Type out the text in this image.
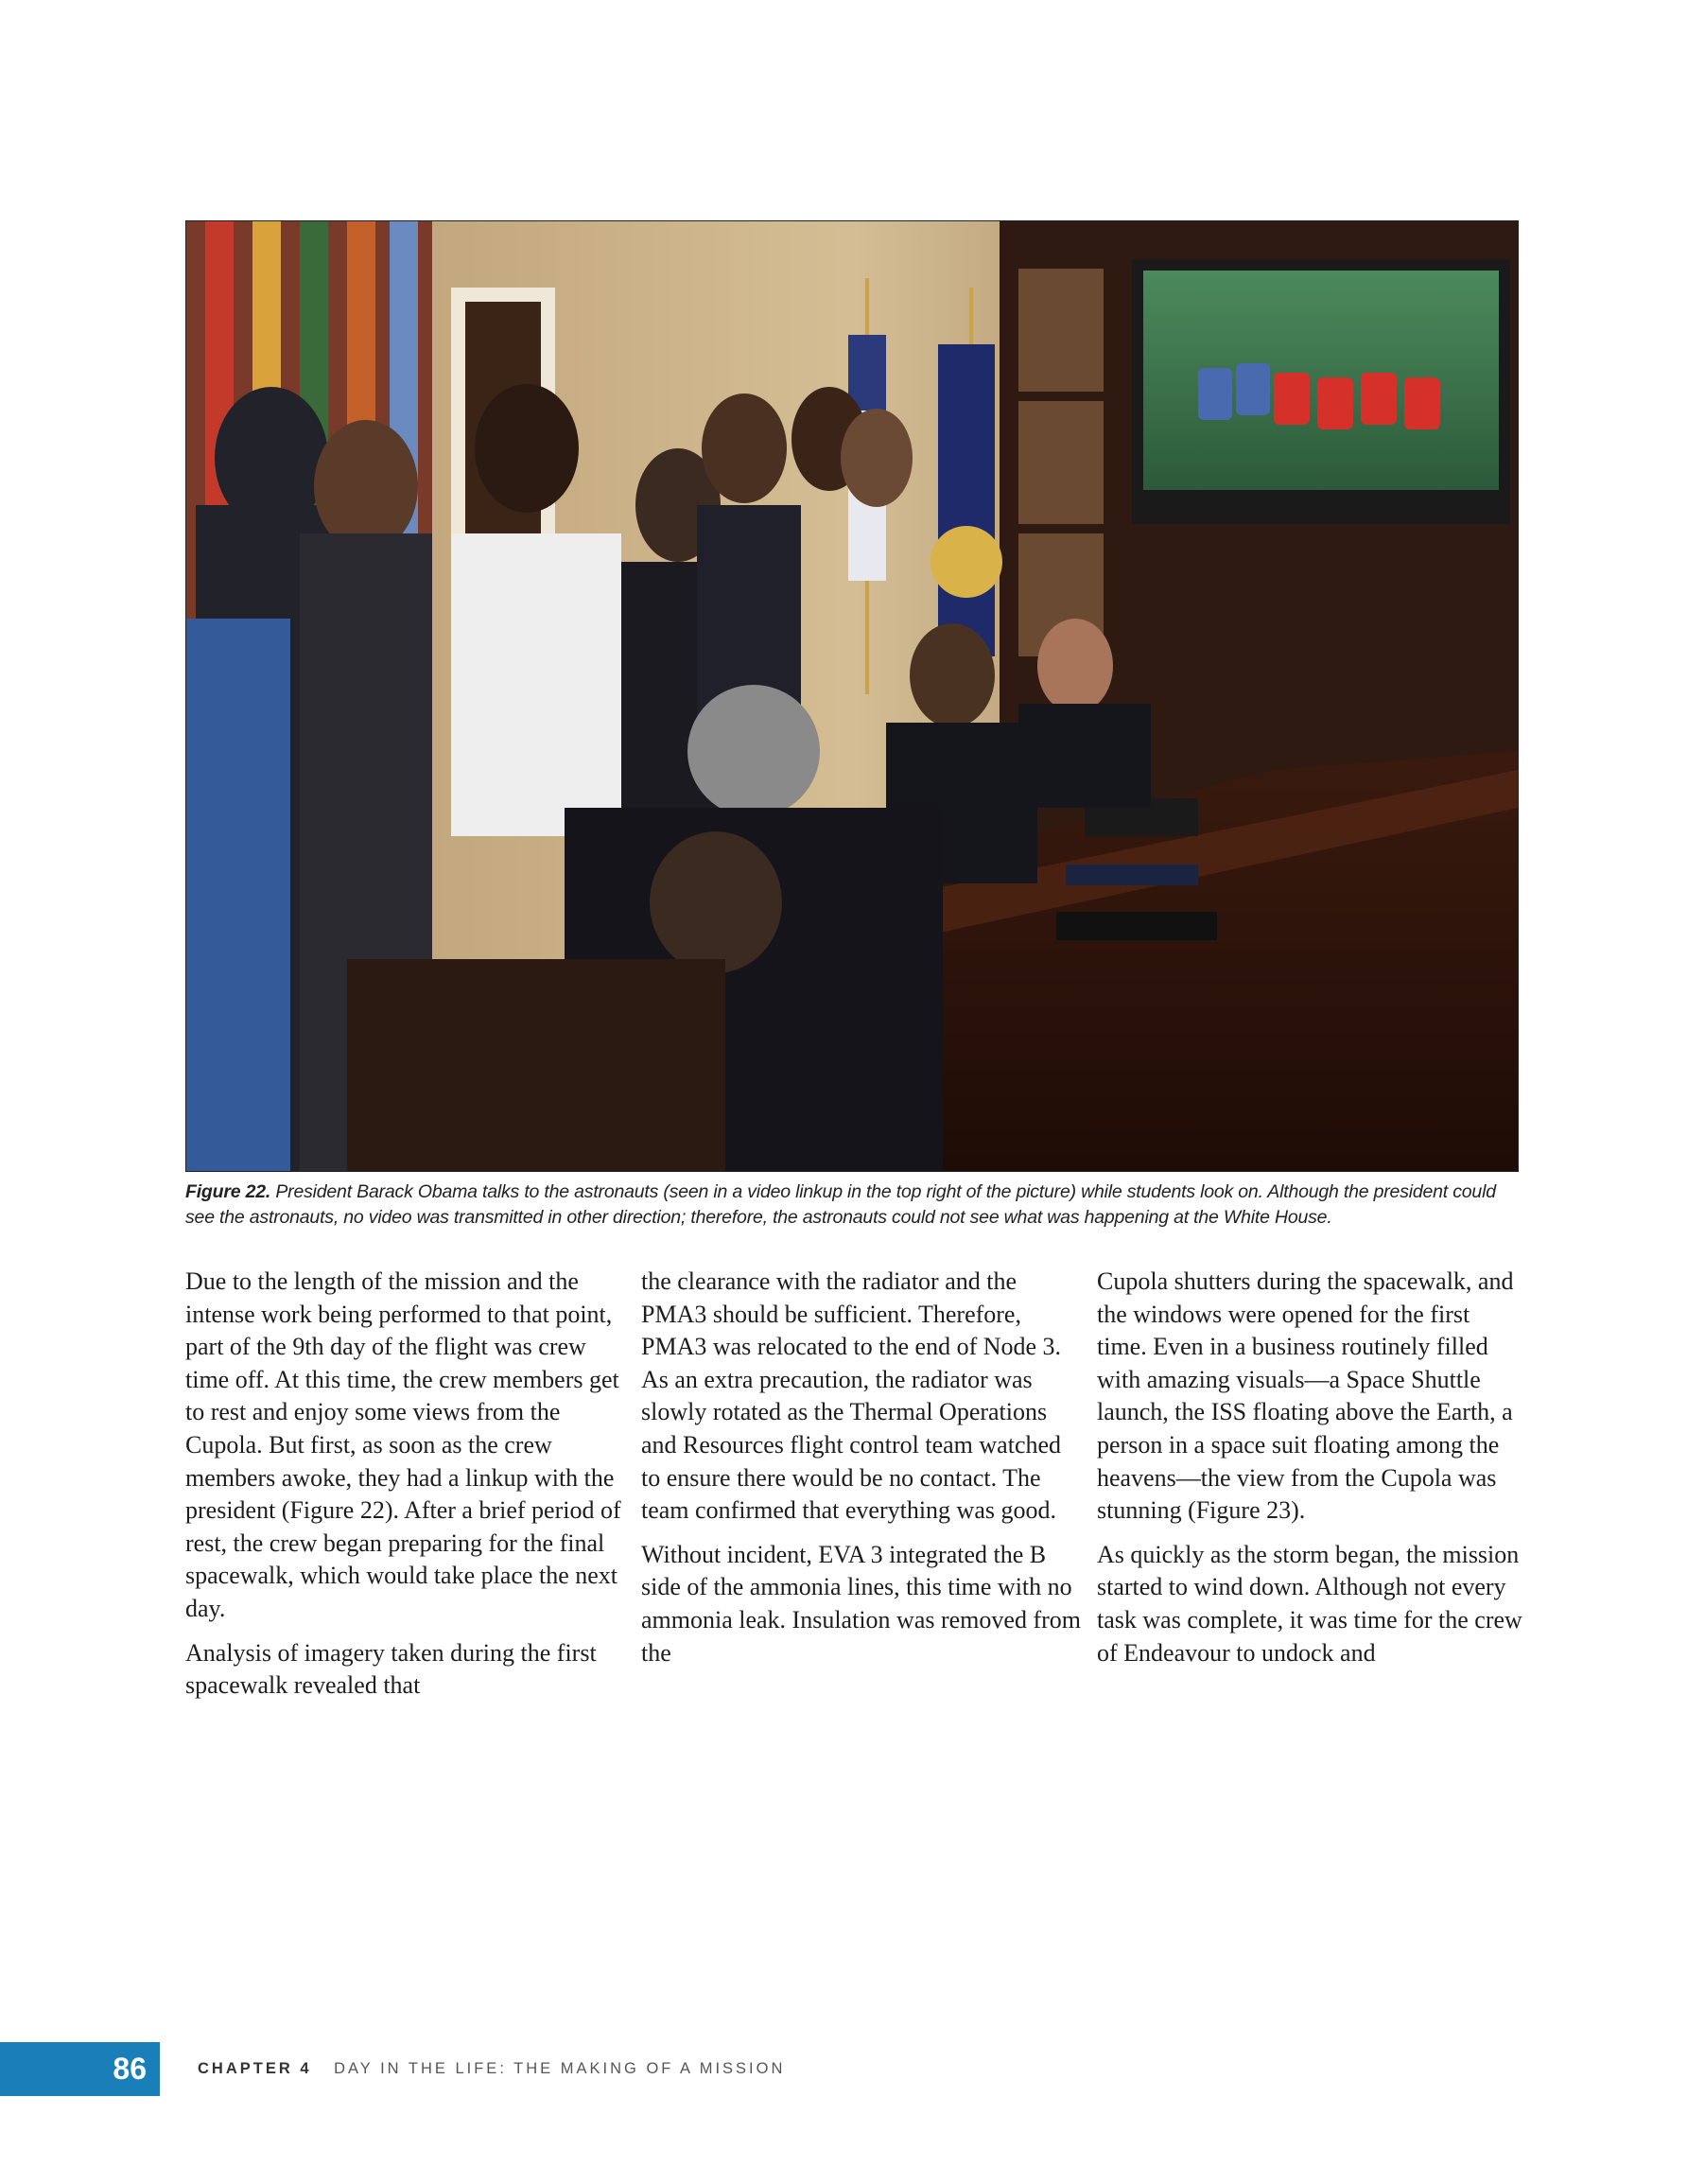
Figure 22. President Barack Obama talks to the astronauts (seen in a video linkup in the top right of the picture) while students look on. Although the president could see the astronauts, no video was transmitted in other direction; therefore, the astronauts could not see what was happening at the White House.

Due to the length of the mission and the intense work being performed to that point, part of the 9th day of the flight was crew time off. At this time, the crew members get to rest and enjoy some views from the Cupola. But first, as soon as the crew members awoke, they had a linkup with the president (Figure 22). After a brief period of rest, the crew began preparing for the final spacewalk, which would take place the next day.

Analysis of imagery taken during the first spacewalk revealed that

the clearance with the radiator and the PMA3 should be sufficient. Therefore, PMA3 was relocated to the end of Node 3. As an extra precaution, the radiator was slowly rotated as the Thermal Operations and Resources flight control team watched to ensure there would be no contact. The team confirmed that everything was good.

Without incident, EVA 3 integrated the B side of the ammonia lines, this time with no ammonia leak. Insulation was removed from the

Cupola shutters during the spacewalk, and the windows were opened for the first time. Even in a business routinely filled with amazing visuals—a Space Shuttle launch, the ISS floating above the Earth, a person in a space suit floating among the heavens—the view from the Cupola was stunning (Figure 23).

As quickly as the storm began, the mission started to wind down. Although not every task was complete, it was time for the crew of Endeavour to undock and

86	CHAPTER 4 DAY IN THE LIFE: THE MAKING OF A MISSION
